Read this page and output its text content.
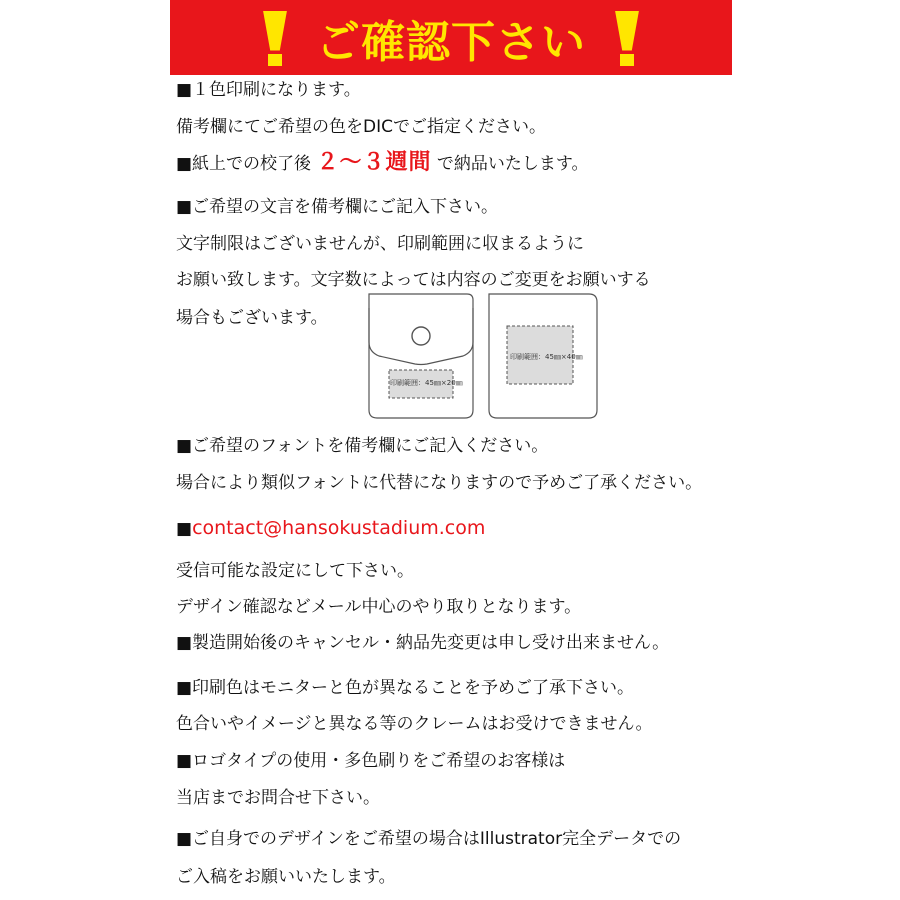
ご確認下さい
■１色印刷になります。
備考欄にてご希望の色をDICでご指定ください。
■紙上での校了後 ２～３週間 で納品いたします。
■ご希望の文言を備考欄にご記入下さい。
文字制限はございませんが、印刷範囲に収まるように
お願い致します。文字数によっては内容のご変更をお願いする
場合もございます。
印刷範囲：45㎜×20㎜
印刷範囲：45㎜×40㎜
■ご希望のフォントを備考欄にご記入ください。
場合により類似フォントに代替になりますので予めご了承ください。
■contact@hansokustadium.com
受信可能な設定にして下さい。
デザイン確認などメール中心のやり取りとなります。
■製造開始後のキャンセル・納品先変更は申し受け出来ません。
■印刷色はモニターと色が異なることを予めご了承下さい。
色合いやイメージと異なる等のクレームはお受けできません。
■ロゴタイプの使用・多色刷りをご希望のお客様は
当店までお問合せ下さい。
■ご自身でのデザインをご希望の場合はIllustrator完全データでの
ご入稿をお願いいたします。
